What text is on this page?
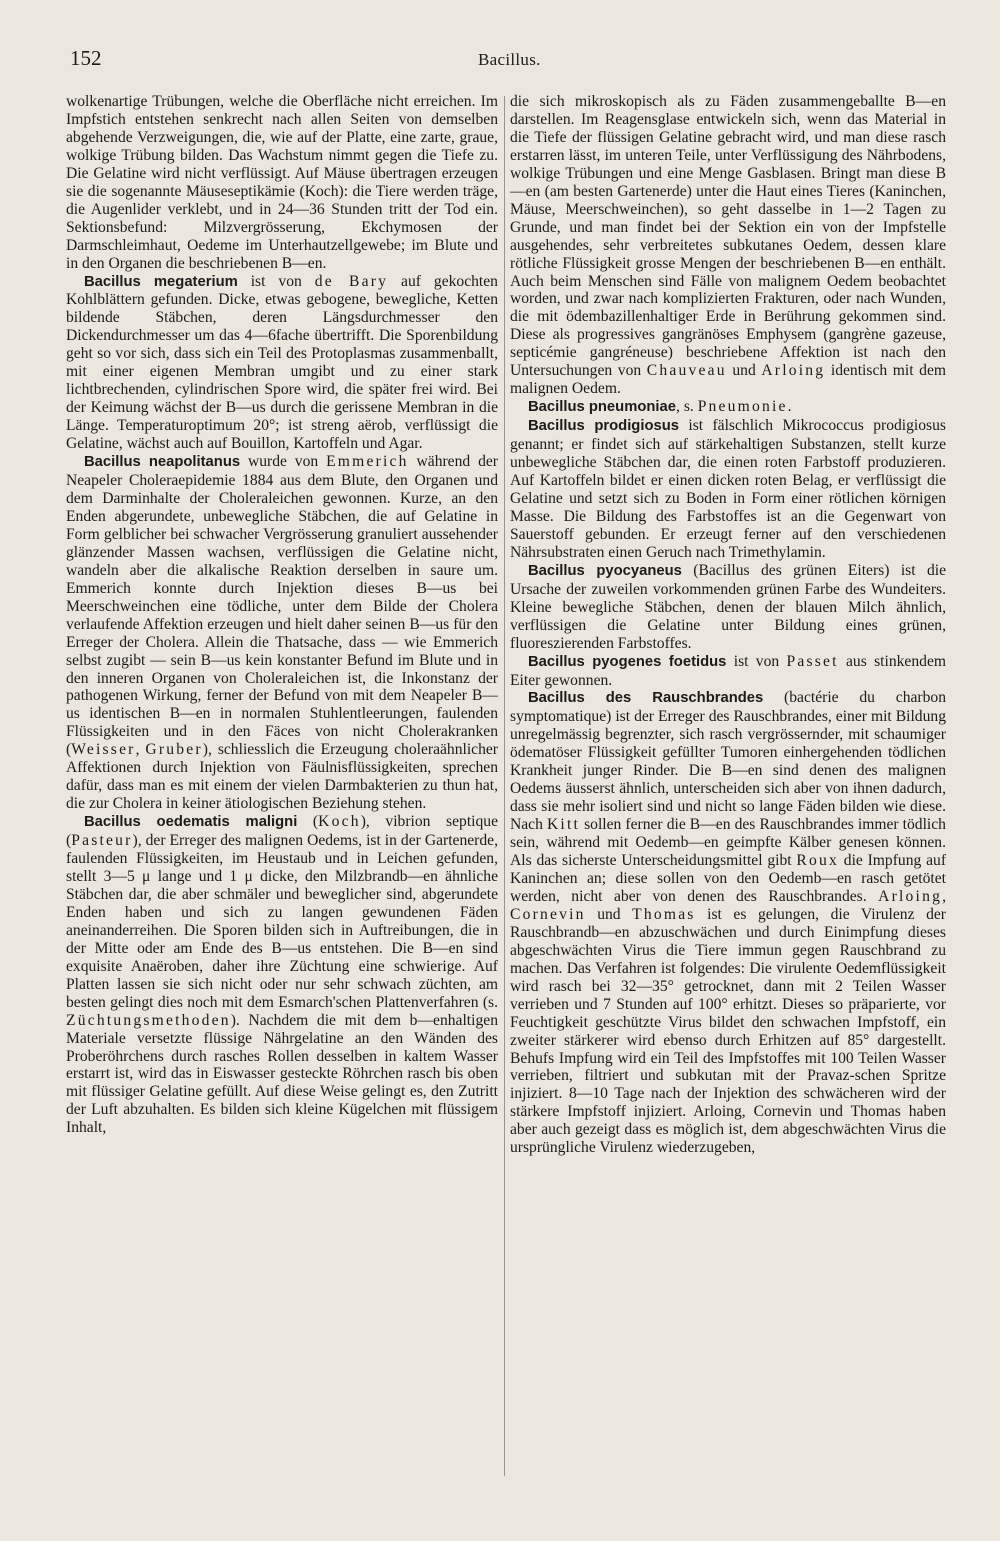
152	Bacillus.

wolkenartige Trübungen, welche die Oberfläche nicht erreichen. Im Impfstich entstehen senkrecht nach allen Seiten von demselben abgehende Verzweigungen, die, wie auf der Platte, eine zarte, graue, wolkige Trübung bilden. Das Wachstum nimmt gegen die Tiefe zu. Die Gelatine wird nicht verflüssigt. Auf Mäuse übertragen erzeugen sie die sogenannte Mäuseseptikämie (Koch): die Tiere werden träge, die Augenlider verklebt, und in 24—36 Stunden tritt der Tod ein. Sektionsbefund: Milzvergrösserung, Ekchymosen der Darmschleimhaut, Oedeme im Unterhautzellgewebe; im Blute und in den Organen die beschriebenen B—en.

Bacillus megaterium ist von de Bary auf gekochten Kohlblättern gefunden. Dicke, etwas gebogene, bewegliche, Ketten bildende Stäbchen, deren Längsdurchmesser den Dickendurchmesser um das 4—6fache übertrifft. Die Sporenbildung geht so vor sich, dass sich ein Teil des Protoplasmas zusammenballt, mit einer eigenen Membran umgibt und zu einer stark lichtbrechenden, cylindrischen Spore wird, die später frei wird. Bei der Keimung wächst der B—us durch die gerissene Membran in die Länge. Temperaturoptimum 20°; ist streng aërob, verflüssigt die Gelatine, wächst auch auf Bouillon, Kartoffeln und Agar.

Bacillus neapolitanus wurde von Emmerich während der Neapeler Choleraepidemie 1884 aus dem Blute, den Organen und dem Darminhalte der Choleraleichen gewonnen. Kurze, an den Enden abgerundete, unbewegliche Stäbchen, die auf Gelatine in Form gelblicher bei schwacher Vergrösserung granuliert aussehender glänzender Massen wachsen, verflüssigen die Gelatine nicht, wandeln aber die alkalische Reaktion derselben in saure um. Emmerich konnte durch Injektion dieses B—us bei Meerschweinchen eine tödliche, unter dem Bilde der Cholera verlaufende Affektion erzeugen und hielt daher seinen B—us für den Erreger der Cholera. Allein die Thatsache, dass — wie Emmerich selbst zugibt — sein B—us kein konstanter Befund im Blute und in den inneren Organen von Choleraleichen ist, die Inkonstanz der pathogenen Wirkung, ferner der Befund von mit dem Neapeler B—us identischen B—en in normalen Stuhlentleerungen, faulenden Flüssigkeiten und in den Fäces von nicht Cholerakranken (Weisser, Gruber), schliesslich die Erzeugung choleraähnlicher Affektionen durch Injektion von Fäulnisflüssigkeiten, sprechen dafür, dass man es mit einem der vielen Darmbakterien zu thun hat, die zur Cholera in keiner ätiologischen Beziehung stehen.

Bacillus oedematis maligni (Koch), vibrion septique (Pasteur), der Erreger des malignen Oedems, ist in der Gartenerde, faulenden Flüssigkeiten, im Heustaub und in Leichen gefunden, stellt 3—5 μ lange und 1 μ dicke, den Milzbrandb—en ähnliche Stäbchen dar, die aber schmäler und beweglicher sind, abgerundete Enden haben und sich zu langen gewundenen Fäden aneinanderreihen. Die Sporen bilden sich in Auftreibungen, die in der Mitte oder am Ende des B—us entstehen. Die B—en sind exquisite Anaëroben, daher ihre Züchtung eine schwierige. Auf Platten lassen sie sich nicht oder nur sehr schwach züchten, am besten gelingt dies noch mit dem Esmarch'schen Plattenverfahren (s. Züchtungsmethoden). Nachdem die mit dem b—enhaltigen Materiale versetzte flüssige Nährgelatine an den Wänden des Proberöhrchens durch rasches Rollen desselben in kaltem Wasser erstarrt ist, wird das in Eiswasser gesteckte Röhrchen rasch bis oben mit flüssiger Gelatine gefüllt. Auf diese Weise gelingt es, den Zutritt der Luft abzuhalten. Es bilden sich kleine Kügelchen mit flüssigem Inhalt,

die sich mikroskopisch als zu Fäden zusammengeballte B—en darstellen. Im Reagensglase entwickeln sich, wenn das Material in die Tiefe der flüssigen Gelatine gebracht wird, und man diese rasch erstarren lässt, im unteren Teile, unter Verflüssigung des Nährbodens, wolkige Trübungen und eine Menge Gasblasen. Bringt man diese B—en (am besten Gartenerde) unter die Haut eines Tieres (Kaninchen, Mäuse, Meerschweinchen), so geht dasselbe in 1—2 Tagen zu Grunde, und man findet bei der Sektion ein von der Impfstelle ausgehendes, sehr verbreitetes subkutanes Oedem, dessen klare rötliche Flüssigkeit grosse Mengen der beschriebenen B—en enthält. Auch beim Menschen sind Fälle von malignem Oedem beobachtet worden, und zwar nach komplizierten Frakturen, oder nach Wunden, die mit ödembazillenhaltiger Erde in Berührung gekommen sind. Diese als progressives gangränöses Emphysem (gangrène gazeuse, septicémie gangréneuse) beschriebene Affektion ist nach den Untersuchungen von Chauveau und Arloing identisch mit dem malignen Oedem.

Bacillus pneumoniae, s. Pneumonie.

Bacillus prodigiosus ist fälschlich Mikrococcus prodigiosus genannt; er findet sich auf stärkehaltigen Substanzen, stellt kurze unbewegliche Stäbchen dar, die einen roten Farbstoff produzieren. Auf Kartoffeln bildet er einen dicken roten Belag, er verflüssigt die Gelatine und setzt sich zu Boden in Form einer rötlichen körnigen Masse. Die Bildung des Farbstoffes ist an die Gegenwart von Sauerstoff gebunden. Er erzeugt ferner auf den verschiedenen Nährsubstraten einen Geruch nach Trimethylamin.

Bacillus pyocyaneus (Bacillus des grünen Eiters) ist die Ursache der zuweilen vorkommenden grünen Farbe des Wundeiters. Kleine bewegliche Stäbchen, denen der blauen Milch ähnlich, verflüssigen die Gelatine unter Bildung eines grünen, fluoreszierenden Farbstoffes.

Bacillus pyogenes foetidus ist von Passet aus stinkendem Eiter gewonnen.

Bacillus des Rauschbrandes (bactérie du charbon symptomatique) ist der Erreger des Rauschbrandes, einer mit Bildung unregelmässig begrenzter, sich rasch vergrössernder, mit schaumiger ödematöser Flüssigkeit gefüllter Tumoren einhergehenden tödlichen Krankheit junger Rinder. Die B—en sind denen des malignen Oedems äusserst ähnlich, unterscheiden sich aber von ihnen dadurch, dass sie mehr isoliert sind und nicht so lange Fäden bilden wie diese. Nach Kitt sollen ferner die B—en des Rauschbrandes immer tödlich sein, während mit Oedemb—en geimpfte Kälber genesen können. Als das sicherste Unterscheidungsmittel gibt Roux die Impfung auf Kaninchen an; diese sollen von den Oedemb—en rasch getötet werden, nicht aber von denen des Rauschbrandes. Arloing, Cornevin und Thomas ist es gelungen, die Virulenz der Rauschbrandb—en abzuschwächen und durch Einimpfung dieses abgeschwächten Virus die Tiere immun gegen Rauschbrand zu machen. Das Verfahren ist folgendes: Die virulente Oedemflüssigkeit wird rasch bei 32—35° getrocknet, dann mit 2 Teilen Wasser verrieben und 7 Stunden auf 100° erhitzt. Dieses so präparierte, vor Feuchtigkeit geschützte Virus bildet den schwachen Impfstoff, ein zweiter stärkerer wird ebenso durch Erhitzen auf 85° dargestellt. Behufs Impfung wird ein Teil des Impfstoffes mit 100 Teilen Wasser verrieben, filtriert und subkutan mit der Pravaz-schen Spritze injiziert. 8—10 Tage nach der Injektion des schwächeren wird der stärkere Impfstoff injiziert. Arloing, Cornevin und Thomas haben aber auch gezeigt dass es möglich ist, dem abgeschwächten Virus die ursprüngliche Virulenz wiederzugeben,
